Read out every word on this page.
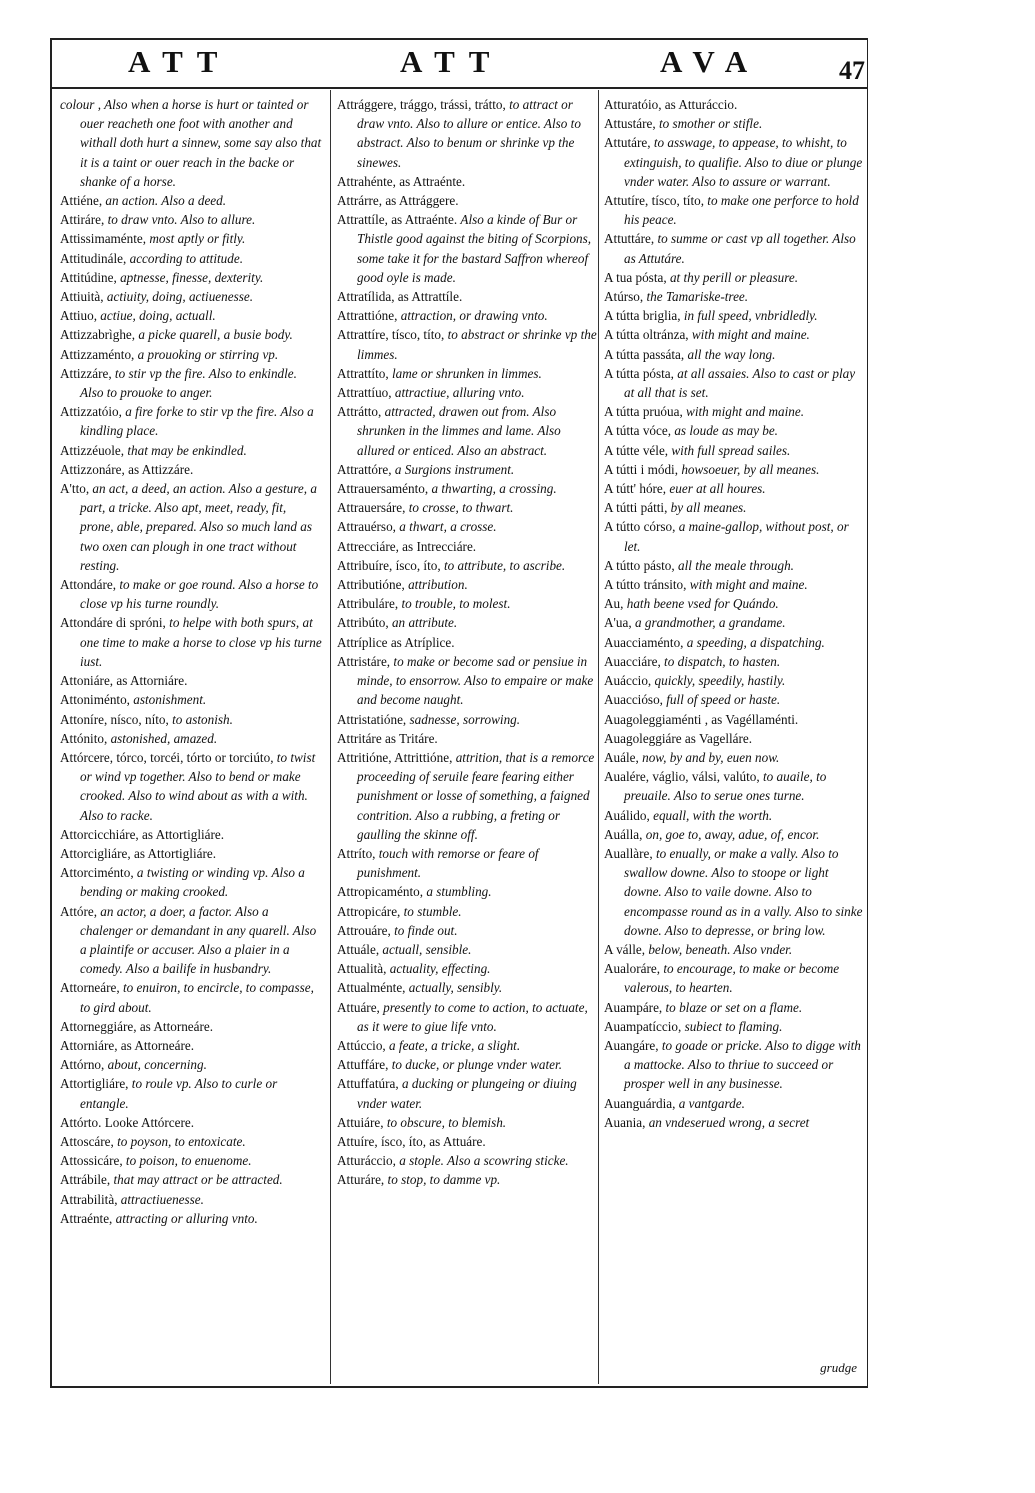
ATT	ATT	AVA	47

colour , Also when a horse is hurt or tainted or ouer reacheth one foot with another and withall doth hurt a sinnew, some say also that it is a taint or ouer reach in the backe or shanke of a horse.

Attiéne, an action. Also a deed.

Attiráre, to draw vnto. Also to allure.

Attissimaménte, most aptly or fitly.

Attitudinále, according to attitude.

Attitúdine, aptnesse, finesse, dexterity.

Attiuità, actiuity, doing, actiuenesse.

Attiuo, actiue, doing, actuall.

Attizzabrìghe, a picke quarell, a busie body.

Attizzaménto, a prouoking or stirring vp.

Attizzáre, to stir vp the fire. Also to enkindle. Also to prouoke to anger.

Attizzatóio, a fire forke to stir vp the fire. Also a kindling place.

Attizzéuole, that may be enkindled.

Attizzonáre, as Attizzáre.

A'tto, an act, a deed, an action. Also a gesture, a part, a tricke. Also apt, meet, ready, fit, prone, able, prepared. Also so much land as two oxen can plough in one tract without resting.

Attondáre, to make or goe round. Also a horse to close vp his turne roundly.

Attondáre di spróni, to helpe with both spurs, at one time to make a horse to close vp his turne iust.

Attoniáre, as Attorniáre.

Attoniménto, astonishment.

Attoníre, nísco, níto, to astonish.

Attónito, astonished, amazed.

Attórcere, tórco, torcéi, tórto or torciúto, to twist or wind vp together. Also to bend or make crooked. Also to wind about as with a with. Also to racke.

Attorcicchiáre, as Attortigliáre.

Attorcigliáre, as Attortigliáre.

Attorciménto, a twisting or winding vp. Also a bending or making crooked.

Attóre, an actor, a doer, a factor. Also a chalenger or demandant in any quarell. Also a plaintife or accuser. Also a plaier in a comedy. Also a bailife in husbandry.

Attorneáre, to enuiron, to encircle, to compasse, to gird about.

Attorneggiáre, as Attorneáre.

Attorniáre, as Attorneáre.

Attórno, about, concerning.

Attortigliáre, to roule vp. Also to curle or entangle.

Attórto. Looke Attórcere.

Attoscáre, to poyson, to entoxicate.

Attossicáre, to poison, to enuenome.

Attrábile, that may attract or be attracted.

Attrabilità, attractiuenesse.

Attraénte, attracting or alluring vnto.

Attrággere, trággo, trássi, trátto, to attract or draw vnto. Also to allure or entice. Also to abstract. Also to benum or shrinke vp the sinewes.

Attrahénte, as Attraénte.

Attrárre, as Attrággere.

Attrattíle, as Attraénte. Also a kinde of Bur or Thistle good against the biting of Scorpions, some take it for the bastard Saffron whereof good oyle is made.

Attratílida, as Attrattíle.

Attrattióne, attraction, or drawing vnto.

Attrattíre, tísco, títo, to abstract or shrinke vp the limmes.

Attrattíto, lame or shrunken in limmes.

Attrattíuo, attractiue, alluring vnto.

Attrátto, attracted, drawen out from. Also shrunken in the limmes and lame. Also allured or enticed. Also an abstract.

Attrattóre, a Surgions instrument.

Attrauersaménto, a thwarting, a crossing.

Attrauersáre, to crosse, to thwart.

Attrauérso, a thwart, a crosse.

Attrecciáre, as Intrecciáre.

Attribuíre, ísco, íto, to attribute, to ascribe.

Attributióne, attribution.

Attribuláre, to trouble, to molest.

Attribúto, an attribute.

Attríplice as Atríplice.

Attristáre, to make or become sad or pensiue in minde, to ensorrow. Also to empaire or make and become naught.

Attristatióne, sadnesse, sorrowing.

Attritáre as Tritáre.

Attritióne, Attrittióne, attrition, that is a remorce proceeding of seruile feare fearing either punishment or losse of something, a faigned contrition. Also a rubbing, a freting or gaulling the skinne off.

Attríto, touch with remorse or feare of punishment.

Attropicaménto, a stumbling.

Attropicáre, to stumble.

Attrouáre, to finde out.

Attuále, actuall, sensible.

Attualità, actuality, effecting.

Attualménte, actually, sensibly.

Attuáre, presently to come to action, to actuate, as it were to giue life vnto.

Attúccio, a feate, a tricke, a slight.

Attuffáre, to ducke, or plunge vnder water.

Attuffatúra, a ducking or plungeing or diuing vnder water.

Attuiáre, to obscure, to blemish.

Attuíre, ísco, íto, as Attuáre.

Atturáccio, a stople. Also a scowring sticke.

Atturáre, to stop, to damme vp.

Atturatóio, as Atturáccio.

Attustáre, to smother or stifle.

Attutáre, to asswage, to appease, to whisht, to extinguish, to qualifie. Also to diue or plunge vnder water. Also to assure or warrant.

Attutíre, tísco, títo, to make one perforce to hold his peace.

Attuttáre, to summe or cast vp all together. Also as Attutáre.

A tua pósta, at thy perill or pleasure.

Atúrso, the Tamariske-tree.

A tútta briglia, in full speed, vnbridledly.

A tútta oltránza, with might and maine.

A tútta passáta, all the way long.

A tútta pósta, at all assaies. Also to cast or play at all that is set.

A tútta pruóua, with might and maine.

A tútta vóce, as loude as may be.

A tútte véle, with full spread sailes.

A tútti i módi, howsoeuer, by all meanes.

A tútt' hóre, euer at all houres.

A tútti pátti, by all meanes.

A tútto córso, a maine-gallop, without post, or let.

A tútto pásto, all the meale through.

A tútto tránsito, with might and maine.

Au, hath beene vsed for Quándo.

A'ua, a grandmother, a grandame.

Auacciaménto, a speeding, a dispatching.

Auacciáre, to dispatch, to hasten.

Auáccio, quickly, speedily, hastily.

Auaccióso, full of speed or haste.

Auagoleggiaménti , as Vagéllaménti.

Auagoleggiáre as Vagelláre.

Auále, now, by and by, euen now.

Aualére, váglio, válsi, valúto, to auaile, to preuaile. Also to serue ones turne.

Auálido, equall, with the worth.

Auálla, on, goe to, away, adue, of, encor.

Auallàre, to enually, or make a vally. Also to swallow downe. Also to stoope or light downe. Also to vaile downe. Also to encompasse round as in a vally. Also to sinke downe. Also to depresse, or bring low.

A válle, below, beneath. Also vnder.

Aualoráre, to encourage, to make or become valerous, to hearten.

Auampáre, to blaze or set on a flame.

Auampatíccio, subiect to flaming.

Auangáre, to goade or pricke. Also to digge with a mattocke. Also to thriue to succeed or prosper well in any businesse.

Auanguárdia, a vantgarde.

Auania, an vndeserued wrong, a secret

grudge
